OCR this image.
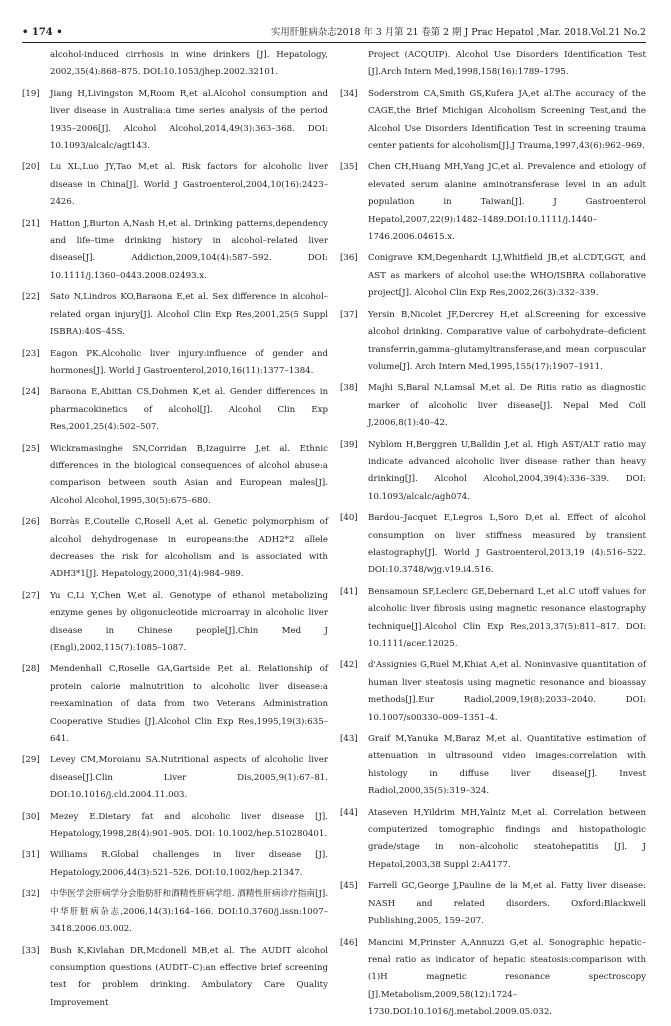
• 174 •	实用肝脏病杂志2018 年 3 月第 21 卷第 2 期 J Prac Hepatol ,Mar. 2018.Vol.21 No.2

alcohol-induced cirrhosis in wine drinkers [J]. Hepatology, 2002,35(4):868–875. DOI:10.1053/jhep.2002.32101.

[19] Jiang H,Livingston M,Room R,et al.Alcohol consumption and liver disease in Australia:a time series analysis of the period 1935–2006[J]. Alcohol Alcohol,2014,49(3):363–368. DOI: 10.1093/alcalc/agt143.

[20] Lu XL,Luo JY,Tao M,et al. Risk factors for alcoholic liver disease in China[J]. World J Gastroenterol,2004,10(16):2423–2426.

[21] Hatton J,Burton A,Nash H,et al. Drinking patterns,dependency and life–time drinking history in alcohol–related liver disease[J]. Addiction,2009,104(4):587–592. DOI: 10.1111/j.1360–0443.2008.02493.x.

[22] Sato N,Lindros KO,Baraona E,et al. Sex difference in alcohol–related organ injury[J]. Alcohol Clin Exp Res,2001,25(5 Suppl ISBRA):40S–45S.

[23] Eagon PK.Alcoholic liver injury:influence of gender and hormones[J]. World J Gastroenterol,2010,16(11):1377–1384.

[24] Baraona E,Abittan CS,Dohmen K,et al. Gender differences in pharmacokinetics of alcohol[J]. Alcohol Clin Exp Res,2001,25(4):502–507.

[25] Wickramasinghe SN,Corridan B,Izaguirre J,et al. Ethnic differences in the biological consequences of alcohol abuse:a comparison between south Asian and European males[J]. Alcohol Alcohol,1995,30(5):675–680.

[26] Borràs E,Coutelle C,Rosell A,et al. Genetic polymorphism of alcohol dehydrogenase in europeans:the ADH2*2 allele decreases the risk for alcoholism and is associated with ADH3*1[J]. Hepatology,2000,31(4):984–989.

[27] Yu C,Li Y,Chen W,et al. Genotype of ethanol metabolizing enzyme genes by oligonucleotide microarray in alcoholic liver disease in Chinese people[J].Chin Med J (Engl),2002,115(7):1085–1087.

[28] Mendenhall C,Roselle GA,Gartside P,et al. Relationship of protein calorie malnutrition to alcoholic liver disease:a reexamination of data from two Veterans Administration Cooperative Studies [J].Alcohol Clin Exp Res,1995,19(3):635–641.

[29] Levey CM,Moroianu SA.Nutritional aspects of alcoholic liver disease[J].Clin Liver Dis,2005,9(1):67–81. DOI:10.1016/j.cld.2004.11.003.

[30] Mezey E.Dietary fat and alcoholic liver disease [J]. Hepatology,1998,28(4):901–905. DOI: 10.1002/hep.510280401.

[31] Williams R.Global challenges in liver disease [J]. Hepatology,2006,44(3):521–526. DOI:10.1002/hep.21347.

[32] 中华医学会肝病学分会脂肪肝和酒精性肝病学组. 酒精性肝病诊疗指南[J]. 中华肝脏病杂志,2006,14(3):164–166. DOI:10.3760/j.issn:1007–3418.2006.03.002.

[33] Bush K,Kivlahan DR,Mcdonell MB,et al. The AUDIT alcohol consumption questions (AUDIT–C):an effective brief screening test for problem drinking. Ambulatory Care Quality Improvement

Project (ACQUIP). Alcohol Use Disorders Identification Test [J].Arch Intern Med,1998,158(16):1789–1795.

[34] Soderstrom CA,Smith GS,Kufera JA,et al.The accuracy of the CAGE,the Brief Michigan Alcoholism Screening Test,and the Alcohol Use Disorders Identification Test in screening trauma center patients for alcoholism[J].J Trauma,1997,43(6):962–969.

[35] Chen CH,Huang MH,Yang JC,et al. Prevalence and etiology of elevated serum alanine aminotransferase level in an adult population in Taiwan[J]. J Gastroenterol Hepatol,2007,22(9):1482–1489.DOI:10.1111/j.1440–1746.2006.04615.x.

[36] Conigrave KM,Degenhardt LJ,Whitfield JB,et al.CDT,GGT, and AST as markers of alcohol use:the WHO/ISBRA collaborative project[J]. Alcohol Clin Exp Res,2002,26(3):332–339.

[37] Yersin B,Nicolet JF,Dercrey H,et al.Screening for excessive alcohol drinking. Comparative value of carbohydrate–deficient transferrin,gamma–glutamyltransferase,and mean corpuscular volume[J]. Arch Intern Med,1995,155(17):1907–1911.

[38] Majhi S,Baral N,Lamsal M,et al. De Ritis ratio as diagnostic marker of alcoholic liver disease[J]. Nepal Med Coll J,2006,8(1):40–42.

[39] Nyblom H,Berggren U,Balldin J,et al. High AST/ALT ratio may indicate advanced alcoholic liver disease rather than heavy drinking[J]. Alcohol Alcohol,2004,39(4):336–339. DOI: 10.1093/alcalc/agh074.

[40] Bardou–Jacquet E,Legros L,Soro D,et al. Effect of alcohol consumption on liver stiffness measured by transient elastography[J]. World J Gastroenterol,2013,19 (4):516–522. DOI:10.3748/wjg.v19.i4.516.

[41] Bensamoun SF,Leclerc GE,Debernard L,et al.C utoff values for alcoholic liver fibrosis using magnetic resonance elastography technique[J].Alcohol Clin Exp Res,2013,37(5):811–817. DOI: 10.1111/acer.12025.

[42] d'Assignies G,Ruel M,Khiat A,et al. Noninvasive quantitation of human liver steatosis using magnetic resonance and bioassay methods[J].Eur Radiol,2009,19(8):2033–2040. DOI: 10.1007/s00330–009–1351–4.

[43] Graif M,Yanuka M,Baraz M,et al. Quantitative estimation of attenuation in ultrasound video images:correlation with histology in diffuse liver disease[J]. Invest Radiol,2000,35(5):319–324.

[44] Ataseven H,Yildrim MH,Yalniz M,et al. Correlation between computerized tomographic findings and histopathologic grade/stage in non–alcoholic steatohepatitis [J]. J Hepatol,2003,38 Suppl 2:A4177.

[45] Farrell GC,George J,Pauline de la M,et al. Fatty liver disease: NASH and related disorders. Oxford:Blackwell Publishing,2005, 159–207.

[46] Mancini M,Prinster A,Annuzzi G,et al. Sonographic hepatic–renal ratio as indicator of hepatic steatosis:comparison with (1)H magnetic resonance spectroscopy [J].Metabolism,2009,58(12):1724–1730.DOI:10.1016/j.metabol.2009.05.032.
